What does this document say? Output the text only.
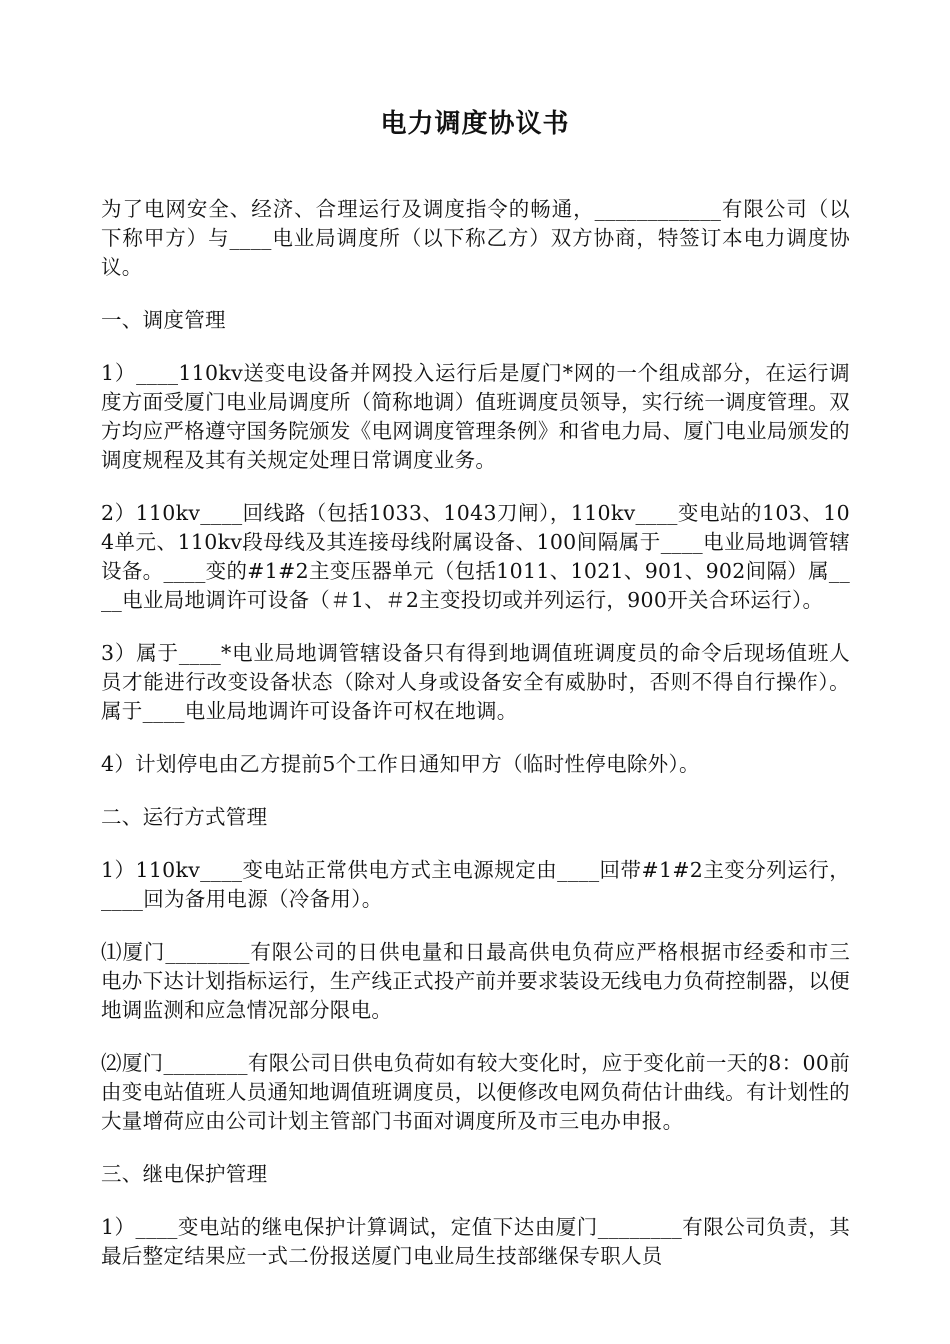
电力调度协议书

为了电网安全、经济、合理运行及调度指令的畅通，____________有限公司（以下称甲方）与____电业局调度所（以下称乙方）双方协商，特签订本电力调度协议。

一、调度管理

1）____110kv送变电设备并网投入运行后是厦门*网的一个组成部分，在运行调度方面受厦门电业局调度所（简称地调）值班调度员领导，实行统一调度管理。双方均应严格遵守国务院颁发《电网调度管理条例》和省电力局、厦门电业局颁发的调度规程及其有关规定处理日常调度业务。

2）110kv____回线路（包括1033、1043刀闸），110kv____变电站的103、104单元、110kv段母线及其连接母线附属设备、100间隔属于____电业局地调管辖设备。____变的#1#2主变压器单元（包括1011、1021、901、902间隔）属____电业局地调许可设备（＃1、＃2主变投切或并列运行，900开关合环运行）。

3）属于____*电业局地调管辖设备只有得到地调值班调度员的命令后现场值班人员才能进行改变设备状态（除对人身或设备安全有威胁时，否则不得自行操作）。属于____电业局地调许可设备许可权在地调。

4）计划停电由乙方提前5个工作日通知甲方（临时性停电除外）。

二、运行方式管理

1）110kv____变电站正常供电方式主电源规定由____回带#1#2主变分列运行，____回为备用电源（冷备用）。

⑴厦门________有限公司的日供电量和日最高供电负荷应严格根据市经委和市三电办下达计划指标运行，生产线正式投产前并要求装设无线电力负荷控制器，以便地调监测和应急情况部分限电。

⑵厦门________有限公司日供电负荷如有较大变化时，应于变化前一天的8：00前由变电站值班人员通知地调值班调度员，以便修改电网负荷估计曲线。有计划性的大量增荷应由公司计划主管部门书面对调度所及市三电办申报。

三、继电保护管理

1）____变电站的继电保护计算调试，定值下达由厦门________有限公司负责，其最后整定结果应一式二份报送厦门电业局生技部继保专职人员
